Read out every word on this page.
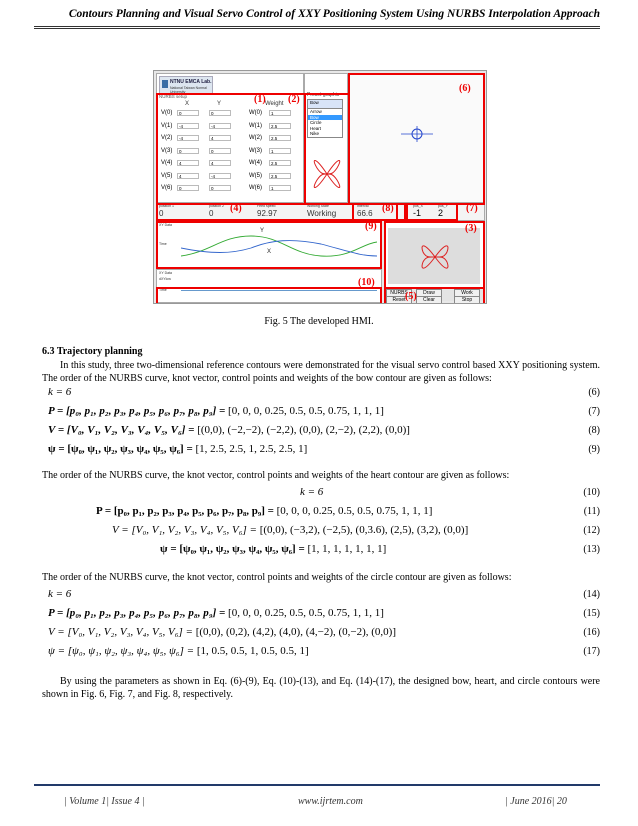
Contours Planning and Visual Servo Control of XXY Positioning System Using NURBS Interpolation Approach
NTNU EMCA Lab.
National Taiwan Normal University
NURBS setup
X	Y	Weight
V(0)	0	0	W(0)	1
V(1)	-4	-4	W(1)	2.5
V(2)	-4	4	W(2)	2.5
V(3)	0	0	W(3)	1
V(4)	4	4	W(4)	2.5
V(5)	4	-4	W(5)	2.5
V(6)	0	0	W(6)	1
Preset graphic
Bow
Arrow
Bow
Circle
Heart
Nike
position 1
0
position 2
0
Feed speed
92.97
Working State
Working
Interval
66.6
pos_X
-1
pos_Y
2
XY Data
Time
Y
X
XY Data
dXYlow
Time	NURBS	Draw	Work
Reset	Clear	Stop
(1) (2)
(3)
(4)
(5)
(6)
(7)
(8)
(9)
(10)
Fig. 5 The developed HMI.
6.3 Trajectory planning
In this study, three two-dimensional reference contours were demonstrated for the visual servo control based XXY positioning system. The order of the NURBS curve, knot vector, control points and weights of the bow contour are given as follows:
k = 6	(6)
P = [p₀, p₁, p₂, p₃, p₄, p₅, p₆, p₇, p₈, p₉] = [0, 0, 0, 0.25, 0.5, 0.5, 0.75, 1, 1, 1]	(7)
V = [V₀, V₁, V₂, V₃, V₄, V₅, V₆] = [(0,0), (−2,−2), (−2,2), (0,0), (2,−2), (2,2), (0,0)]	(8)
ψ = [ψ₀, ψ₁, ψ₂, ψ₃, ψ₄, ψ₅, ψ₆] = [1, 2.5, 2.5, 1, 2.5, 2.5, 1]	(9)
The order of the NURBS curve, the knot vector, control points and weights of the heart contour are given as follows:
k = 6	(10)
P = [p₀, p₁, p₂, p₃, p₄, p₅, p₆, p₇, p₈, p₉] = [0, 0, 0, 0.25, 0.5, 0.5, 0.75, 1, 1, 1]	(11)
V = [V₀, V₁, V₂, V₃, V₄, V₅, V₆] = [(0,0), (−3,2), (−2,5), (0,3.6), (2,5), (3,2), (0,0)]	(12)
ψ = [ψ₀, ψ₁, ψ₂, ψ₃, ψ₄, ψ₅, ψ₆] = [1, 1, 1, 1, 1, 1, 1]	(13)
The order of the NURBS curve, the knot vector, control points and weights of the circle contour are given as follows:
k = 6	(14)
P = [p₀, p₁, p₂, p₃, p₄, p₅, p₆, p₇, p₈, p₉] = [0, 0, 0, 0.25, 0.5, 0.5, 0.75, 1, 1, 1]	(15)
V = [V₀, V₁, V₂, V₃, V₄, V₅, V₆] = [(0,0), (0,2), (4,2), (4,0), (4,−2), (0,−2), (0,0)]	(16)
ψ = [ψ₀, ψ₁, ψ₂, ψ₃, ψ₄, ψ₅, ψ₆] = [1, 0.5, 0.5, 1, 0.5, 0.5, 1]	(17)
By using the parameters as shown in Eq. (6)-(9), Eq. (10)-(13), and Eq. (14)-(17), the designed bow, heart, and circle contours were shown in Fig. 6, Fig. 7, and Fig. 8, respectively.
| Volume 1| Issue 4 |	www.ijrtem.com	| June 2016| 20
